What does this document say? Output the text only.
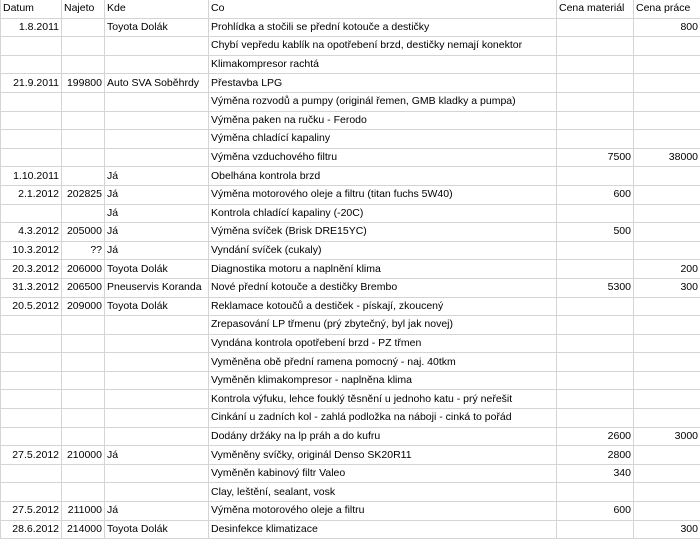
Datum	Najeto	Kde	Co	Cena materiál	Cena práce
1.8.2011		Toyota Dolák	Prohlídka a stočili se přední kotouče a destičky		800
			Chybí vepředu kablík na opotřebení brzd, destičky nemají konektor		
			Klimakompresor rachtá		
21.9.2011	199800	Auto SVA Soběhrdy	Přestavba LPG		
			Výměna rozvodů a pumpy (originál řemen, GMB kladky a pumpa)		
			Výměna paken na ručku - Ferodo		
			Výměna chladící kapaliny		
			Výměna vzduchového filtru	7500	38000
1.10.2011		Já	Obelhána kontrola brzd		
2.1.2012	202825	Já	Výměna motorového oleje a filtru (titan fuchs 5W40)	600	
		Já	Kontrola chladící kapaliny (-20C)		
4.3.2012	205000	Já	Výměna svíček (Brisk DRE15YC)	500	
10.3.2012	??	Já	Vyndání svíček (cukaly)		
20.3.2012	206000	Toyota Dolák	Diagnostika motoru a naplnění klima		200
31.3.2012	206500	Pneuservis Koranda	Nové přední kotouče a destičky Brembo	5300	300
20.5.2012	209000	Toyota Dolák	Reklamace kotoučů a destiček - pískají, zkoucený		
			Zrepasování LP třmenu (prý zbytečný, byl jak novej)		
			Vyndána kontrola opotřebení brzd - PZ třmen		
			Vyměněna obě přední ramena pomocný - naj. 40tkm		
			Vyměněn klimakompresor - naplněna klima		
			Kontrola výfuku, lehce fouklý těsnění u jednoho katu - prý neřešit		
			Cinkání u zadních kol - zahlá podložka na náboji - cinká to pořád		
			Dodány držáky na lp práh a do kufru	2600	3000
27.5.2012	210000	Já	Vyměněny svíčky, originál Denso SK20R11	2800	
			Vyměněn kabinový filtr Valeo	340	
			Clay, leštění, sealant, vosk		
27.5.2012	211000	Já	Výměna motorového oleje a filtru	600	
28.6.2012	214000	Toyota Dolák	Desinfekce klimatizace		300
